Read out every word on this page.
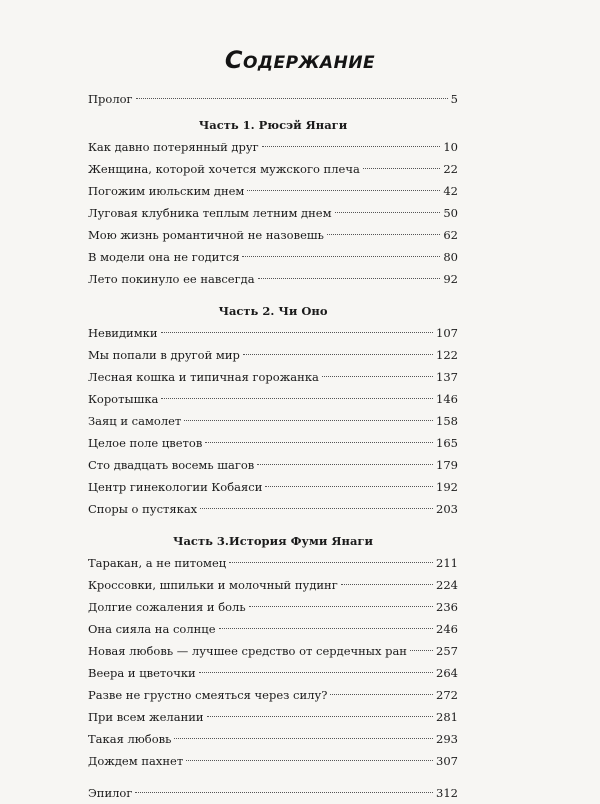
Содержание
Пролог	5
Часть 1. Рюсэй Янаги
Как давно потерянный друг	10
Женщина, которой хочется мужского плеча	22
Погожим июльским днем	42
Луговая клубника теплым летним днем	50
Мою жизнь романтичной не назовешь	62
В модели она не годится	80
Лето покинуло ее навсегда	92
Часть 2. Чи Оно
Невидимки	107
Мы попали в другой мир	122
Лесная кошка и типичная горожанка	137
Коротышка	146
Заяц и самолет	158
Целое поле цветов	165
Сто двадцать восемь шагов	179
Центр гинекологии Кобаяси	192
Споры о пустяках	203
Часть 3.История Фуми Янаги
Таракан, а не питомец	211
Кроссовки, шпильки и молочный пудинг	224
Долгие сожаления и боль	236
Она сияла на солнце	246
Новая любовь — лучшее средство от сердечных ран	257
Веера и цветочки	264
Разве не грустно смеяться через силу?	272
При всем желании	281
Такая любовь	293
Дождем пахнет	307
Эпилог	312
